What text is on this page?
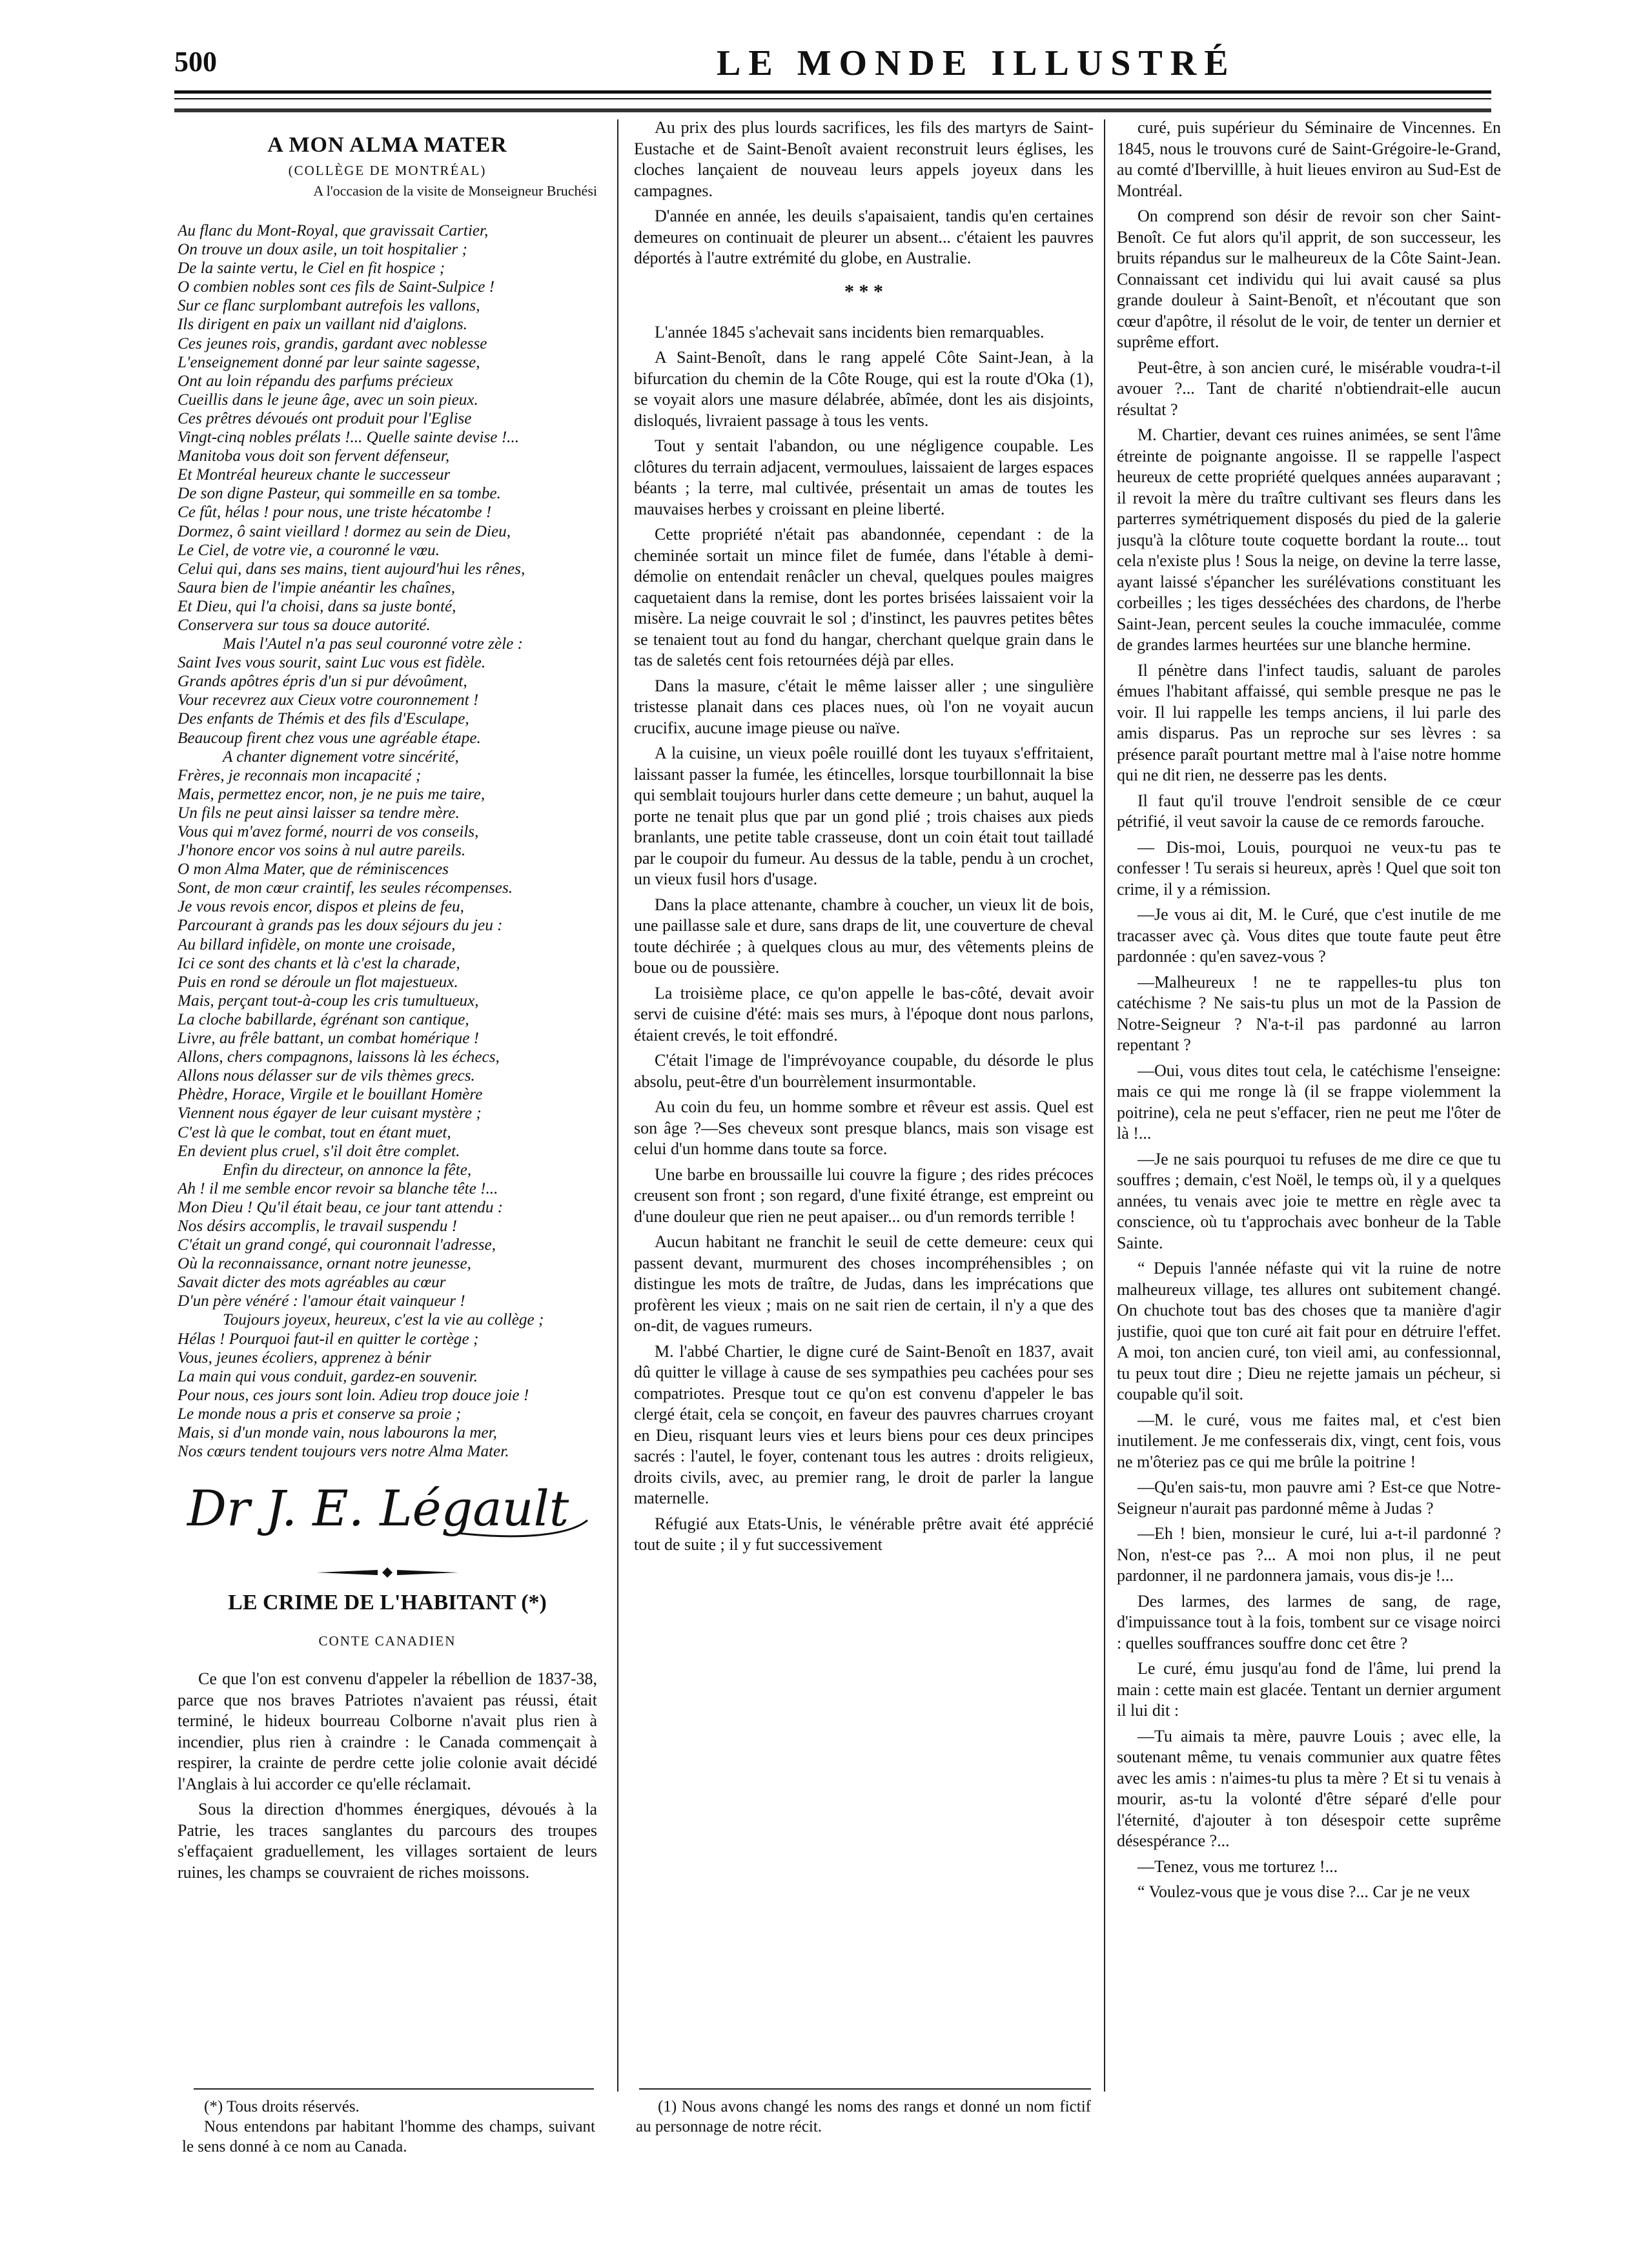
500	LE MONDE ILLUSTRÉ
A MON ALMA MATER
(COLLÈGE DE MONTRÉAL)
A l'occasion de la visite de Monseigneur Bruchési
Au flanc du Mont-Royal, que gravissait Cartier,
On trouve un doux asile, un toit hospitalier ;
De la sainte vertu, le Ciel en fit hospice ;
O combien nobles sont ces fils de Saint-Sulpice !
Sur ce flanc surplombant autrefois les vallons,
Ils dirigent en paix un vaillant nid d'aiglons.
Ces jeunes rois, grandis, gardant avec noblesse
L'enseignement donné par leur sainte sagesse,
Ont au loin répandu des parfums précieux
Cueillis dans le jeune âge, avec un soin pieux.
Ces prêtres dévoués ont produit pour l'Eglise
Vingt-cinq nobles prélats !... Quelle sainte devise !...
Manitoba vous doit son fervent défenseur,
Et Montréal heureux chante le successeur
De son digne Pasteur, qui sommeille en sa tombe.
Ce fût, hélas ! pour nous, une triste hécatombe !
Dormez, ô saint vieillard ! dormez au sein de Dieu,
Le Ciel, de votre vie, a couronné le vœu.
Celui qui, dans ses mains, tient aujourd'hui les rênes,
Saura bien de l'impie anéantir les chaînes,
Et Dieu, qui l'a choisi, dans sa juste bonté,
Conservera sur tous sa douce autorité.
Mais l'Autel n'a pas seul couronné votre zèle :
Saint Ives vous sourit, saint Luc vous est fidèle.
Grands apôtres épris d'un si pur dévoûment,
Vour recevrez aux Cieux votre couronnement !
Des enfants de Thémis et des fils d'Esculape,
Beaucoup firent chez vous une agréable étape.
A chanter dignement votre sincérité,
Frères, je reconnais mon incapacité ;
Mais, permettez encor, non, je ne puis me taire,
Un fils ne peut ainsi laisser sa tendre mère.
Vous qui m'avez formé, nourri de vos conseils,
J'honore encor vos soins à nul autre pareils.
O mon Alma Mater, que de réminiscences
Sont, de mon cœur craintif, les seules récompenses.
Je vous revois encor, dispos et pleins de feu,
Parcourant à grands pas les doux séjours du jeu :
Au billard infidèle, on monte une croisade,
Ici ce sont des chants et là c'est la charade,
Puis en rond se déroule un flot majestueux.
Mais, perçant tout-à-coup les cris tumultueux,
La cloche babillarde, égrénant son cantique,
Livre, au frêle battant, un combat homérique !
Allons, chers compagnons, laissons là les échecs,
Allons nous délasser sur de vils thèmes grecs.
Phèdre, Horace, Virgile et le bouillant Homère
Viennent nous égayer de leur cuisant mystère ;
C'est là que le combat, tout en étant muet,
En devient plus cruel, s'il doit être complet.
Enfin du directeur, on annonce la fête,
Ah ! il me semble encor revoir sa blanche tête !...
Mon Dieu ! Qu'il était beau, ce jour tant attendu :
Nos désirs accomplis, le travail suspendu !
C'était un grand congé, qui couronnait l'adresse,
Où la reconnaissance, ornant notre jeunesse,
Savait dicter des mots agréables au cœur
D'un père vénéré : l'amour était vainqueur !
Toujours joyeux, heureux, c'est la vie au collège ;
Hélas ! Pourquoi faut-il en quitter le cortège ;
Vous, jeunes écoliers, apprenez à bénir
La main qui vous conduit, gardez-en souvenir.
Pour nous, ces jours sont loin. Adieu trop douce joie !
Le monde nous a pris et conserve sa proie ;
Mais, si d'un monde vain, nous labourons la mer,
Nos cœurs tendent toujours vers notre Alma Mater.
Dr J. E. Légault
LE CRIME DE L'HABITANT (*)
CONTE CANADIEN

Ce que l'on est convenu d'appeler la rébellion de 1837-38, parce que nos braves Patriotes n'avaient pas réussi, était terminé, le hideux bourreau Colborne n'avait plus rien à incendier, plus rien à craindre : le Canada commençait à respirer, la crainte de perdre cette jolie colonie avait décidé l'Anglais à lui accorder ce qu'elle réclamait.

Sous la direction d'hommes énergiques, dévoués à la Patrie, les traces sanglantes du parcours des troupes s'effaçaient graduellement, les villages sortaient de leurs ruines, les champs se couvraient de riches moissons.

Au prix des plus lourds sacrifices, les fils des martyrs de Saint-Eustache et de Saint-Benoît avaient reconstruit leurs églises, les cloches lançaient de nouveau leurs appels joyeux dans les campagnes.

D'année en année, les deuils s'apaisaient, tandis qu'en certaines demeures on continuait de pleurer un absent... c'étaient les pauvres déportés à l'autre extrémité du globe, en Australie.

* * *

L'année 1845 s'achevait sans incidents bien remarquables.

A Saint-Benoît, dans le rang appelé Côte Saint-Jean, à la bifurcation du chemin de la Côte Rouge, qui est la route d'Oka (1), se voyait alors une masure délabrée, abîmée, dont les ais disjoints, disloqués, livraient passage à tous les vents.

Tout y sentait l'abandon, ou une négligence coupable. Les clôtures du terrain adjacent, vermoulues, laissaient de larges espaces béants ; la terre, mal cultivée, présentait un amas de toutes les mauvaises herbes y croissant en pleine liberté.

Cette propriété n'était pas abandonnée, cependant : de la cheminée sortait un mince filet de fumée, dans l'étable à demi-démolie on entendait renâcler un cheval, quelques poules maigres caquetaient dans la remise, dont les portes brisées laissaient voir la misère. La neige couvrait le sol ; d'instinct, les pauvres petites bêtes se tenaient tout au fond du hangar, cherchant quelque grain dans le tas de saletés cent fois retournées déjà par elles.

Dans la masure, c'était le même laisser aller ; une singulière tristesse planait dans ces places nues, où l'on ne voyait aucun crucifix, aucune image pieuse ou naïve.

A la cuisine, un vieux poêle rouillé dont les tuyaux s'effritaient, laissant passer la fumée, les étincelles, lorsque tourbillonnait la bise qui semblait toujours hurler dans cette demeure ; un bahut, auquel la porte ne tenait plus que par un gond plié ; trois chaises aux pieds branlants, une petite table crasseuse, dont un coin était tout tailladé par le coupoir du fumeur. Au dessus de la table, pendu à un crochet, un vieux fusil hors d'usage.

Dans la place attenante, chambre à coucher, un vieux lit de bois, une paillasse sale et dure, sans draps de lit, une couverture de cheval toute déchirée ; à quelques clous au mur, des vêtements pleins de boue ou de poussière.

La troisième place, ce qu'on appelle le bas-côté, devait avoir servi de cuisine d'été: mais ses murs, à l'époque dont nous parlons, étaient crevés, le toit effondré.

C'était l'image de l'imprévoyance coupable, du désorde le plus absolu, peut-être d'un bourrèlement insurmontable.

Au coin du feu, un homme sombre et rêveur est assis. Quel est son âge ?—Ses cheveux sont presque blancs, mais son visage est celui d'un homme dans toute sa force.

Une barbe en broussaille lui couvre la figure ; des rides précoces creusent son front ; son regard, d'une fixité étrange, est empreint ou d'une douleur que rien ne peut apaiser... ou d'un remords terrible !

Aucun habitant ne franchit le seuil de cette demeure: ceux qui passent devant, murmurent des choses incompréhensibles ; on distingue les mots de traître, de Judas, dans les imprécations que profèrent les vieux ; mais on ne sait rien de certain, il n'y a que des on-dit, de vagues rumeurs.

M. l'abbé Chartier, le digne curé de Saint-Benoît en 1837, avait dû quitter le village à cause de ses sympathies peu cachées pour ses compatriotes. Presque tout ce qu'on est convenu d'appeler le bas clergé était, cela se conçoit, en faveur des pauvres charrues croyant en Dieu, risquant leurs vies et leurs biens pour ces deux principes sacrés : l'autel, le foyer, contenant tous les autres : droits religieux, droits civils, avec, au premier rang, le droit de parler la langue maternelle.

Réfugié aux Etats-Unis, le vénérable prêtre avait été apprécié tout de suite ; il y fut successivement

curé, puis supérieur du Séminaire de Vincennes. En 1845, nous le trouvons curé de Saint-Grégoire-le-Grand, au comté d'Ibervillle, à huit lieues environ au Sud-Est de Montréal.

On comprend son désir de revoir son cher Saint-Benoît. Ce fut alors qu'il apprit, de son successeur, les bruits répandus sur le malheureux de la Côte Saint-Jean. Connaissant cet individu qui lui avait causé sa plus grande douleur à Saint-Benoît, et n'écoutant que son cœur d'apôtre, il résolut de le voir, de tenter un dernier et suprême effort.

Peut-être, à son ancien curé, le misérable voudra-t-il avouer ?... Tant de charité n'obtiendrait-elle aucun résultat ?

M. Chartier, devant ces ruines animées, se sent l'âme étreinte de poignante angoisse. Il se rappelle l'aspect heureux de cette propriété quelques années auparavant ; il revoit la mère du traître cultivant ses fleurs dans les parterres symétriquement disposés du pied de la galerie jusqu'à la clôture toute coquette bordant la route... tout cela n'existe plus ! Sous la neige, on devine la terre lasse, ayant laissé s'épancher les surélévations constituant les corbeilles ; les tiges desséchées des chardons, de l'herbe Saint-Jean, percent seules la couche immaculée, comme de grandes larmes heurtées sur une blanche hermine.

Il pénètre dans l'infect taudis, saluant de paroles émues l'habitant affaissé, qui semble presque ne pas le voir. Il lui rappelle les temps anciens, il lui parle des amis disparus. Pas un reproche sur ses lèvres : sa présence paraît pourtant mettre mal à l'aise notre homme qui ne dit rien, ne desserre pas les dents.

Il faut qu'il trouve l'endroit sensible de ce cœur pétrifié, il veut savoir la cause de ce remords farouche.

— Dis-moi, Louis, pourquoi ne veux-tu pas te confesser ! Tu serais si heureux, après ! Quel que soit ton crime, il y a rémission.

—Je vous ai dit, M. le Curé, que c'est inutile de me tracasser avec çà. Vous dites que toute faute peut être pardonnée : qu'en savez-vous ?

—Malheureux ! ne te rappelles-tu plus ton catéchisme ? Ne sais-tu plus un mot de la Passion de Notre-Seigneur ? N'a-t-il pas pardonné au larron repentant ?

—Oui, vous dites tout cela, le catéchisme l'enseigne: mais ce qui me ronge là (il se frappe violemment la poitrine), cela ne peut s'effacer, rien ne peut me l'ôter de là !...

—Je ne sais pourquoi tu refuses de me dire ce que tu souffres ; demain, c'est Noël, le temps où, il y a quelques années, tu venais avec joie te mettre en règle avec ta conscience, où tu t'approchais avec bonheur de la Table Sainte.

“ Depuis l'année néfaste qui vit la ruine de notre malheureux village, tes allures ont subitement changé. On chuchote tout bas des choses que ta manière d'agir justifie, quoi que ton curé ait fait pour en détruire l'effet. A moi, ton ancien curé, ton vieil ami, au confessionnal, tu peux tout dire ; Dieu ne rejette jamais un pécheur, si coupable qu'il soit.

—M. le curé, vous me faites mal, et c'est bien inutilement. Je me confesserais dix, vingt, cent fois, vous ne m'ôteriez pas ce qui me brûle la poitrine !

—Qu'en sais-tu, mon pauvre ami ? Est-ce que Notre-Seigneur n'aurait pas pardonné même à Judas ?

—Eh ! bien, monsieur le curé, lui a-t-il pardonné ? Non, n'est-ce pas ?... A moi non plus, il ne peut pardonner, il ne pardonnera jamais, vous dis-je !...

Des larmes, des larmes de sang, de rage, d'impuissance tout à la fois, tombent sur ce visage noirci : quelles souffrances souffre donc cet être ?

Le curé, ému jusqu'au fond de l'âme, lui prend la main : cette main est glacée. Tentant un dernier argument il lui dit :

—Tu aimais ta mère, pauvre Louis ; avec elle, la soutenant même, tu venais communier aux quatre fêtes avec les amis : n'aimes-tu plus ta mère ? Et si tu venais à mourir, as-tu la volonté d'être séparé d'elle pour l'éternité, d'ajouter à ton désespoir cette suprême désespérance ?...

—Tenez, vous me torturez !...

“ Voulez-vous que je vous dise ?... Car je ne veux

(*) Tous droits réservés.

Nous entendons par habitant l'homme des champs, suivant le sens donné à ce nom au Canada.

(1) Nous avons changé les noms des rangs et donné un nom fictif au personnage de notre récit.
